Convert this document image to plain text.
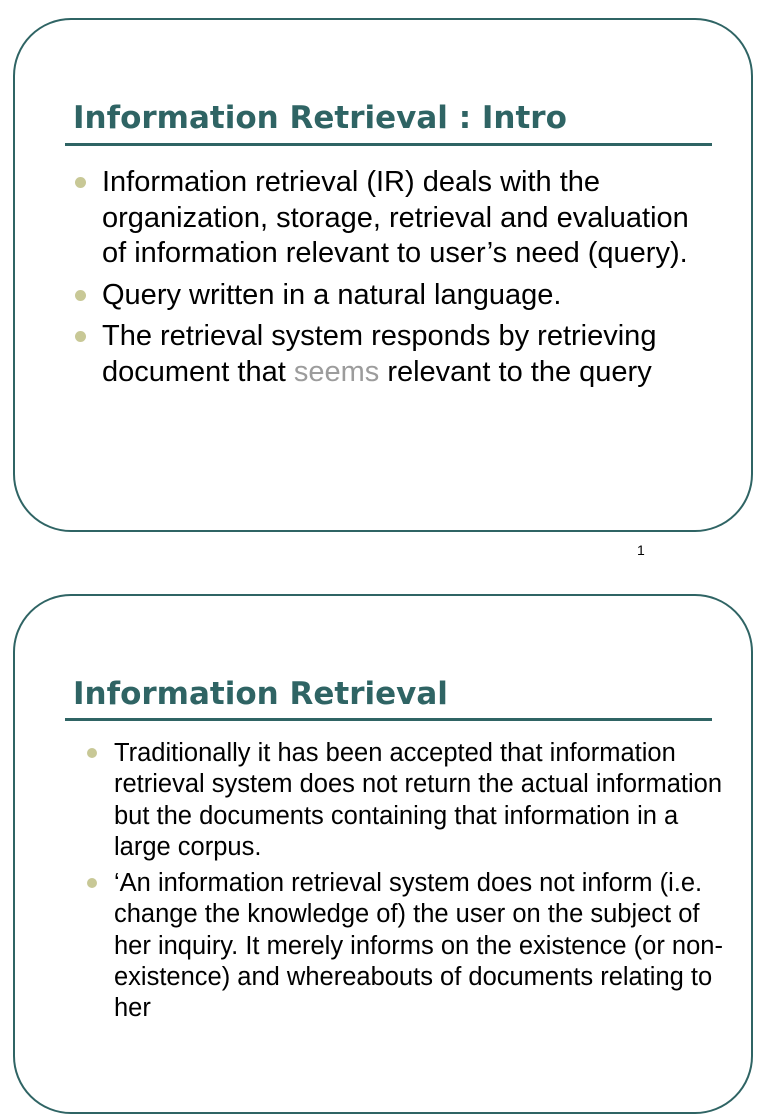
Information Retrieval : Intro
Information retrieval (IR) deals with the organization, storage, retrieval and evaluation of information relevant to user’s need (query).
Query written in a natural language.
The retrieval system responds by retrieving document that seems relevant to the query
1
Information Retrieval
Traditionally it has been accepted that information retrieval system does not return the actual information but the documents containing that information in a large corpus.
‘An information retrieval system does not inform (i.e. change the knowledge of) the user on the subject of her inquiry. It merely informs on the existence (or non-existence) and whereabouts of documents relating to her
